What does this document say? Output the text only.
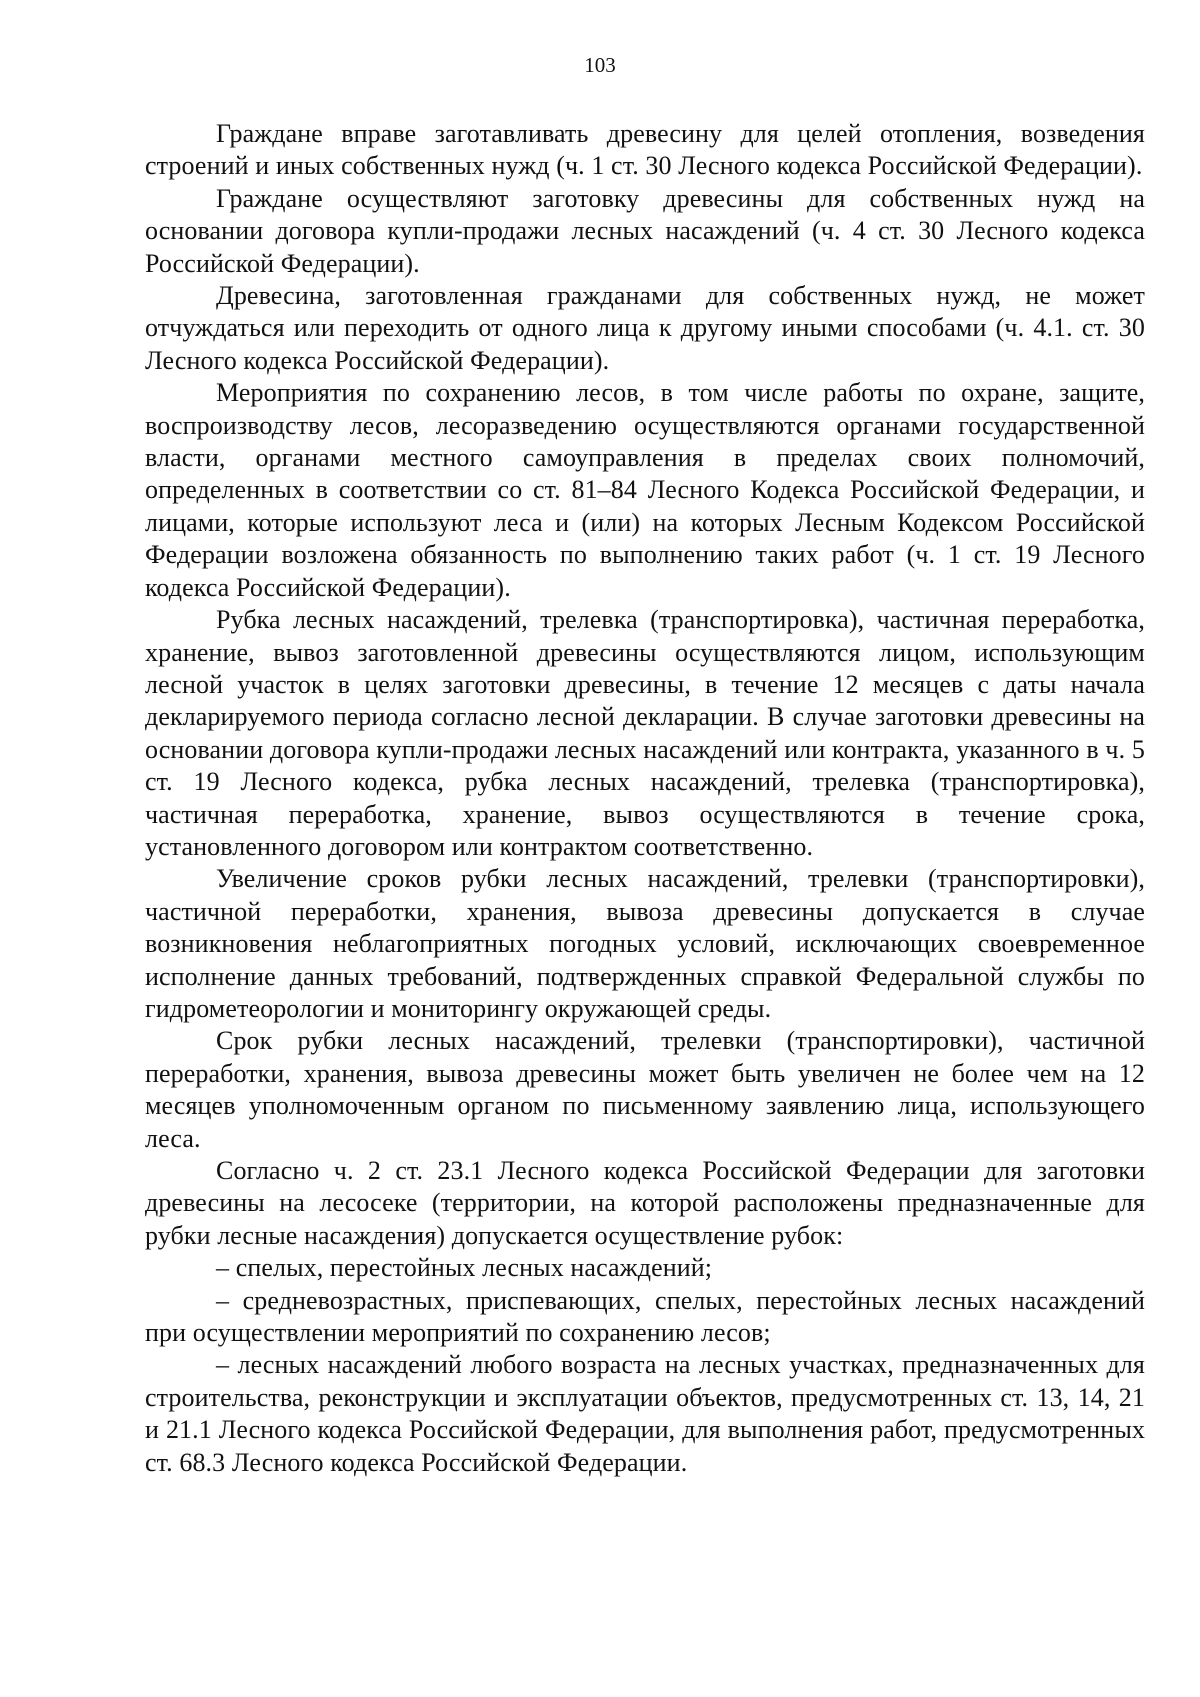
103

Граждане вправе заготавливать древесину для целей отопления, возведения строений и иных собственных нужд (ч. 1 ст. 30 Лесного кодекса Российской Федерации).

Граждане осуществляют заготовку древесины для собственных нужд на основании договора купли-продажи лесных насаждений (ч. 4 ст. 30 Лесного кодекса Российской Федерации).

Древесина, заготовленная гражданами для собственных нужд, не может отчуждаться или переходить от одного лица к другому иными способами (ч. 4.1. ст. 30 Лесного кодекса Российской Федерации).

Мероприятия по сохранению лесов, в том числе работы по охране, защите, воспроизводству лесов, лесоразведению осуществляются органами государственной власти, органами местного самоуправления в пределах своих полномочий, определенных в соответствии со ст. 81–84 Лесного Кодекса Российской Федерации, и лицами, которые используют леса и (или) на которых Лесным Кодексом Российской Федерации возложена обязанность по выполнению таких работ (ч. 1 ст. 19 Лесного кодекса Российской Федерации).

Рубка лесных насаждений, трелевка (транспортировка), частичная переработка, хранение, вывоз заготовленной древесины осуществляются лицом, использующим лесной участок в целях заготовки древесины, в течение 12 месяцев с даты начала декларируемого периода согласно лесной декларации. В случае заготовки древесины на основании договора купли-продажи лесных насаждений или контракта, указанного в ч. 5 ст. 19 Лесного кодекса, рубка лесных насаждений, трелевка (транспортировка), частичная переработка, хранение, вывоз осуществляются в течение срока, установленного договором или контрактом соответственно.

Увеличение сроков рубки лесных насаждений, трелевки (транспортировки), частичной переработки, хранения, вывоза древесины допускается в случае возникновения неблагоприятных погодных условий, исключающих своевременное исполнение данных требований, подтвержденных справкой Федеральной службы по гидрометеорологии и мониторингу окружающей среды.

Срок рубки лесных насаждений, трелевки (транспортировки), частичной переработки, хранения, вывоза древесины может быть увеличен не более чем на 12 месяцев уполномоченным органом по письменному заявлению лица, использующего леса.

Согласно ч. 2 ст. 23.1 Лесного кодекса Российской Федерации для заготовки древесины на лесосеке (территории, на которой расположены предназначенные для рубки лесные насаждения) допускается осуществление рубок:

– спелых, перестойных лесных насаждений;

– средневозрастных, приспевающих, спелых, перестойных лесных насаждений при осуществлении мероприятий по сохранению лесов;

– лесных насаждений любого возраста на лесных участках, предназначенных для строительства, реконструкции и эксплуатации объектов, предусмотренных ст. 13, 14, 21 и 21.1 Лесного кодекса Российской Федерации, для выполнения работ, предусмотренных ст. 68.3 Лесного кодекса Российской Федерации.
